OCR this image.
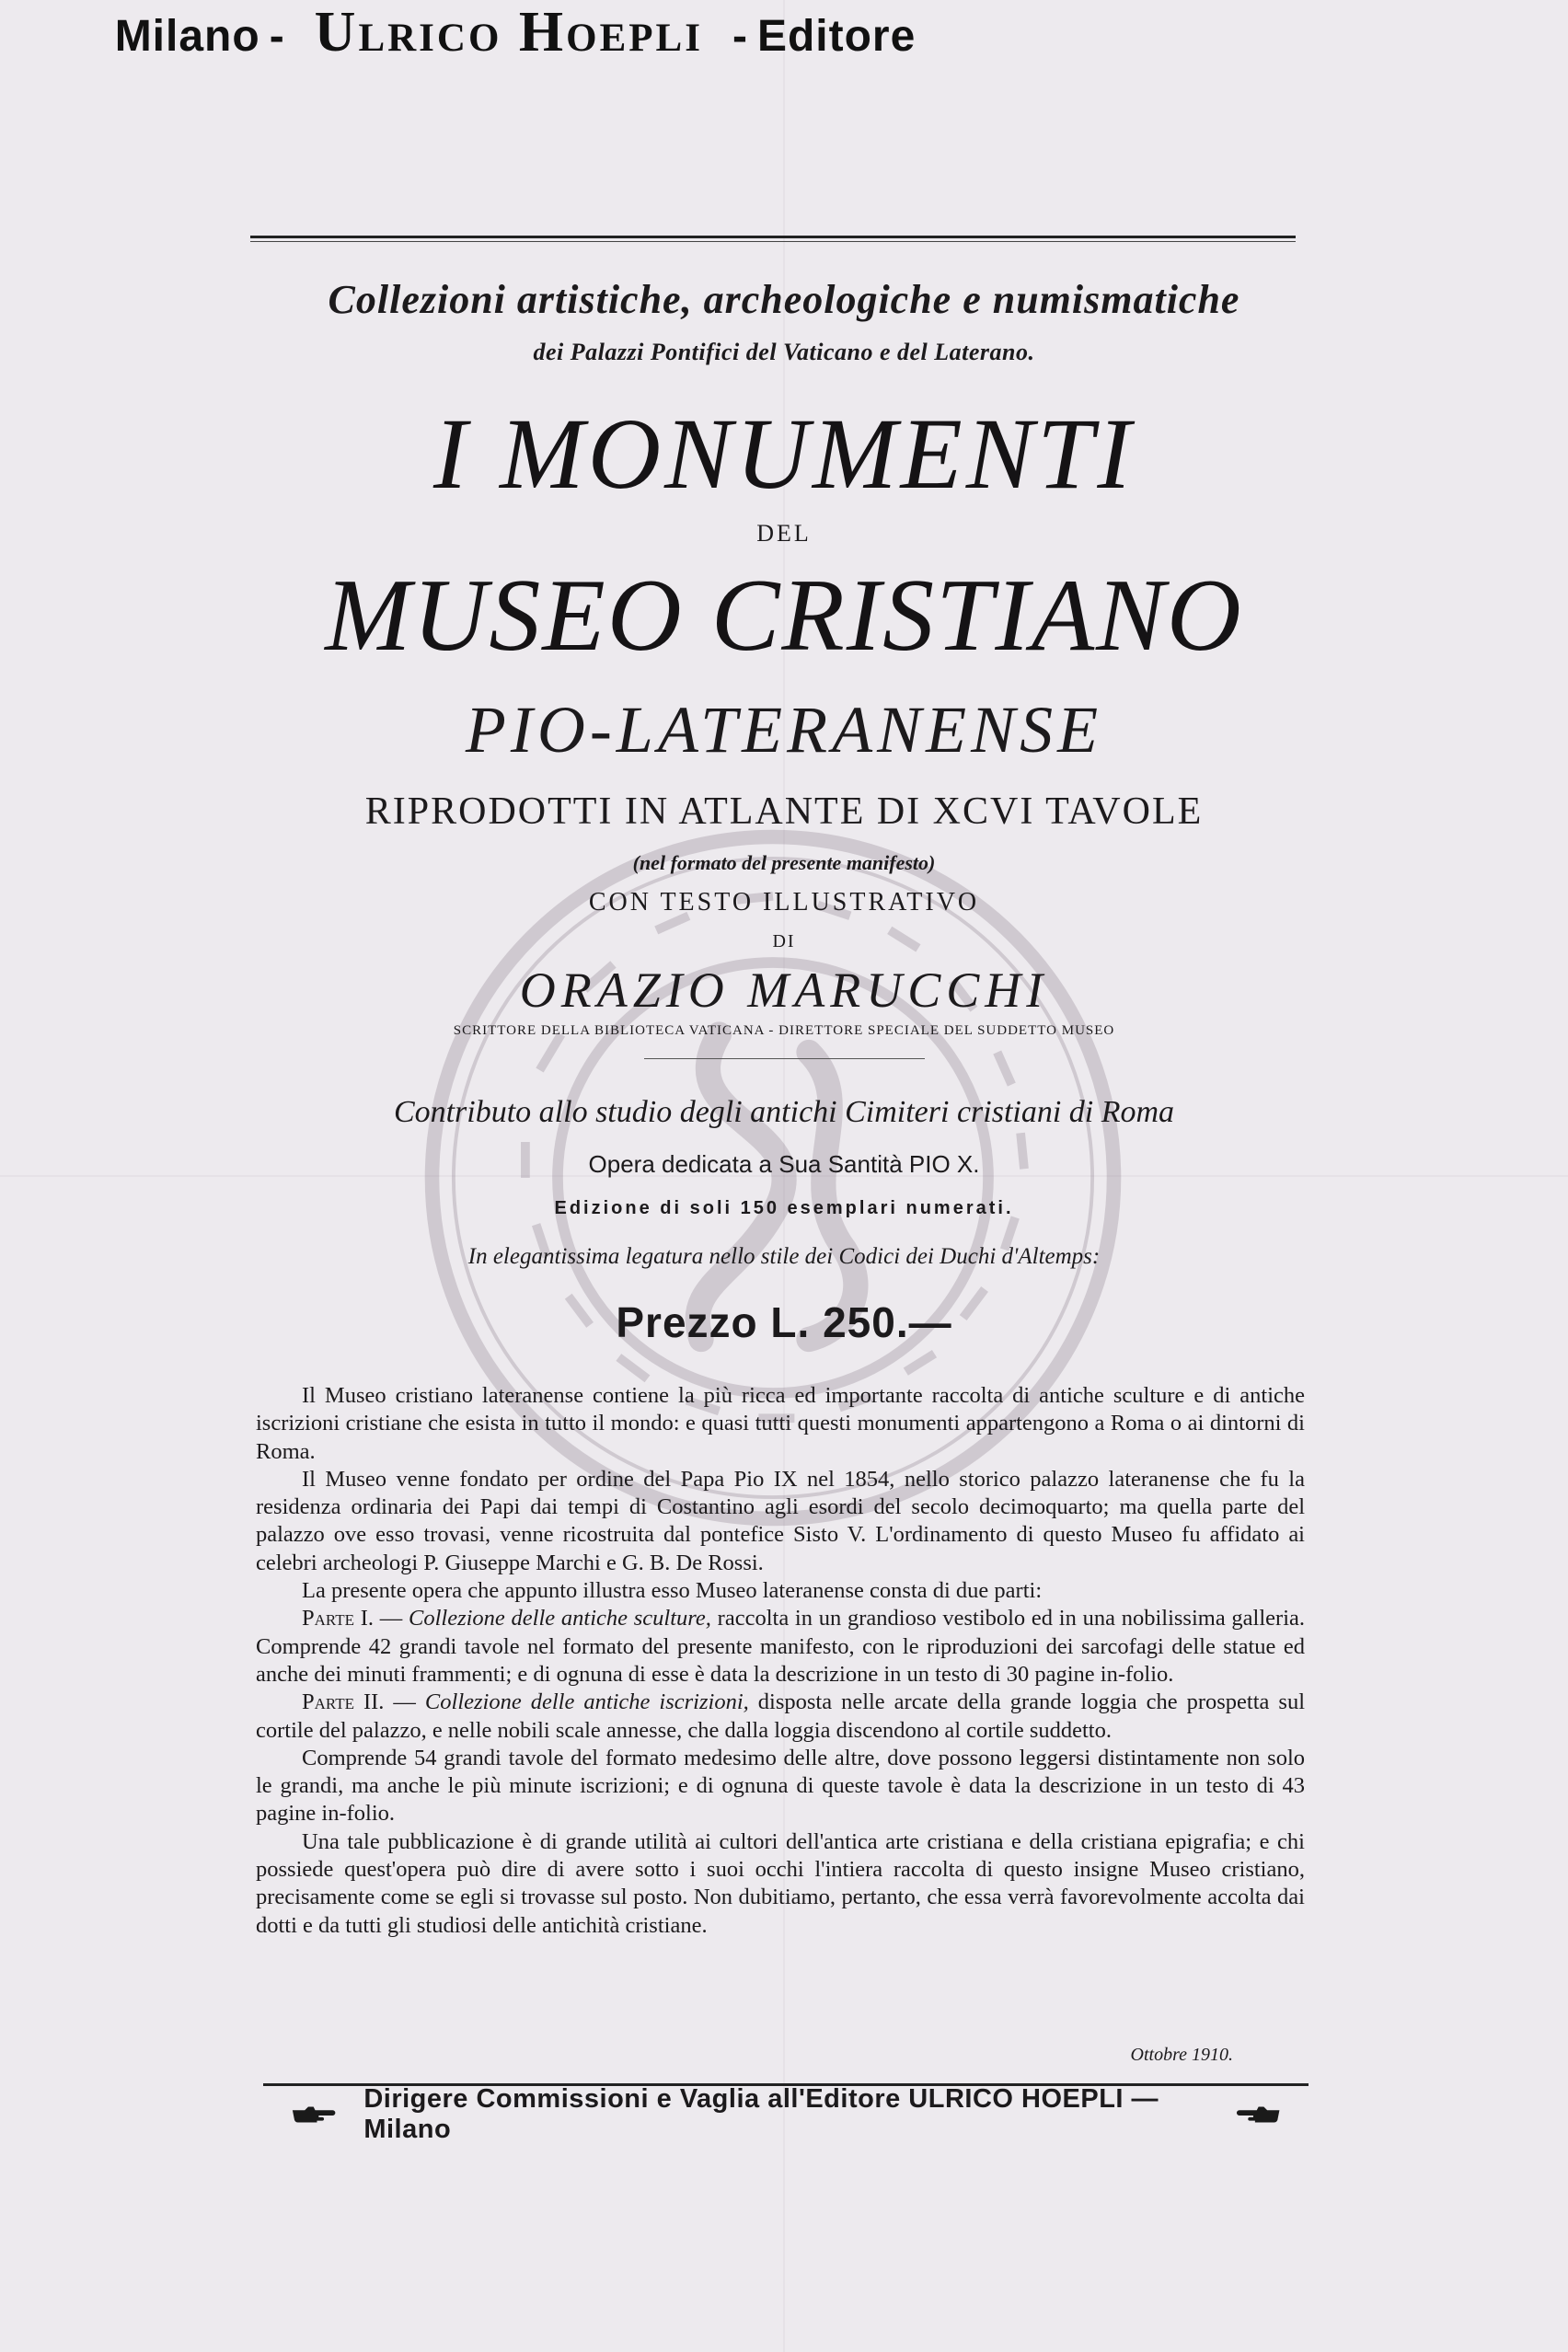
Milano - Ulrico Hoepli - Editore
Collezioni artistiche, archeologiche e numismatiche
dei Palazzi Pontifici del Vaticano e del Laterano.
I MONUMENTI
DEL
MUSEO CRISTIANO
PIO-LATERANENSE
RIPRODOTTI IN ATLANTE DI XCVI TAVOLE
(nel formato del presente manifesto)
CON TESTO ILLUSTRATIVO
DI
ORAZIO MARUCCHI
SCRITTORE DELLA BIBLIOTECA VATICANA - DIRETTORE SPECIALE DEL SUDDETTO MUSEO
Contributo allo studio degli antichi Cimiteri cristiani di Roma
Opera dedicata a Sua Santità PIO X.
Edizione di soli 150 esemplari numerati.
In elegantissima legatura nello stile dei Codici dei Duchi d'Altemps:
Prezzo L. 250.—

Il Museo cristiano lateranense contiene la più ricca ed importante raccolta di antiche sculture e di antiche iscrizioni cristiane che esista in tutto il mondo: e quasi tutti questi monumenti appartengono a Roma o ai dintorni di Roma.

Il Museo venne fondato per ordine del Papa Pio IX nel 1854, nello storico palazzo lateranense che fu la residenza ordinaria dei Papi dai tempi di Costantino agli esordi del secolo decimoquarto; ma quella parte del palazzo ove esso trovasi, venne ricostruita dal pontefice Sisto V. L'ordinamento di questo Museo fu affidato ai celebri archeologi P. Giuseppe Marchi e G. B. De Rossi.

La presente opera che appunto illustra esso Museo lateranense consta di due parti:

Parte I. — Collezione delle antiche sculture, raccolta in un grandioso vestibolo ed in una nobilissima galleria. Comprende 42 grandi tavole nel formato del presente manifesto, con le riproduzioni dei sarcofagi delle statue ed anche dei minuti frammenti; e di ognuna di esse è data la descrizione in un testo di 30 pagine in-folio.

Parte II. — Collezione delle antiche iscrizioni, disposta nelle arcate della grande loggia che prospetta sul cortile del palazzo, e nelle nobili scale annesse, che dalla loggia discendono al cortile suddetto.

Comprende 54 grandi tavole del formato medesimo delle altre, dove possono leggersi distintamente non solo le grandi, ma anche le più minute iscrizioni; e di ognuna di queste tavole è data la descrizione in un testo di 43 pagine in-folio.

Una tale pubblicazione è di grande utilità ai cultori dell'antica arte cristiana e della cristiana epigrafia; e chi possiede quest'opera può dire di avere sotto i suoi occhi l'intiera raccolta di questo insigne Museo cristiano, precisamente come se egli si trovasse sul posto. Non dubitiamo, pertanto, che essa verrà favorevolmente accolta dai dotti e da tutti gli studiosi delle antichità cristiane.

Ottobre 1910.
Dirigere Commissioni e Vaglia all'Editore ULRICO HOEPLI — Milano
